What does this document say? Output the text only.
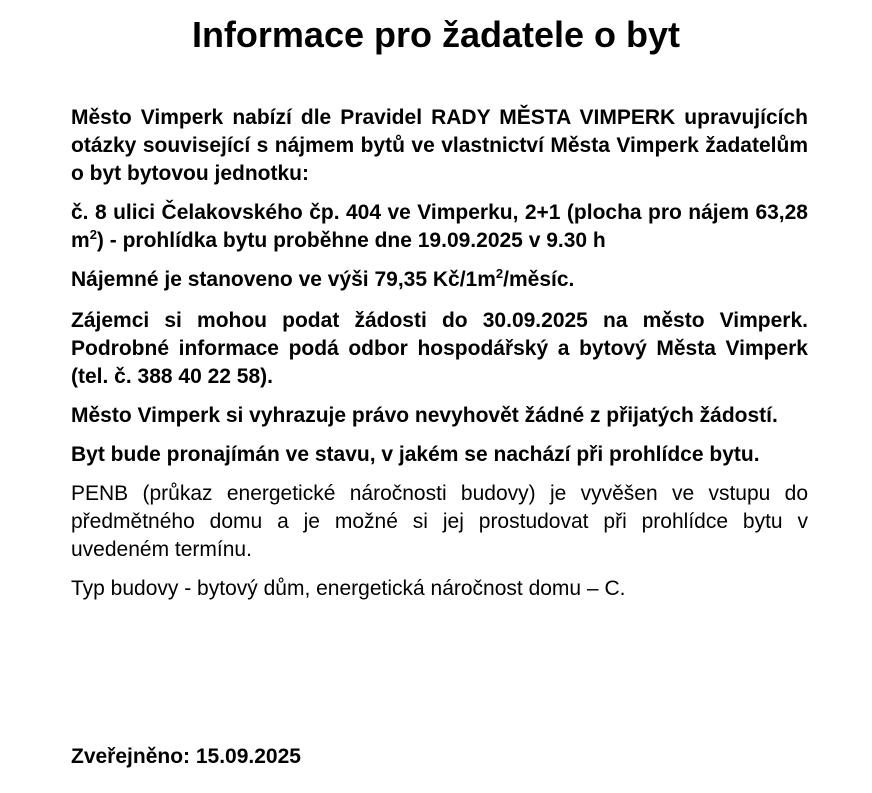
Informace pro žadatele o byt

Město Vimperk nabízí dle Pravidel RADY MĚSTA VIMPERK upravujících otázky související s nájmem bytů ve vlastnictví Města Vimperk žadatelům o byt bytovou jednotku:

č. 8 ulici Čelakovského čp. 404 ve Vimperku, 2+1 (plocha pro nájem 63,28 $m^2$) - prohlídka bytu proběhne dne 19.09.2025 v 9.30 h

Nájemné je stanoveno ve výši 79,35 $Kč/1m^2$/měsíc.

Zájemci si mohou podat žádosti do 30.09.2025 na město Vimperk. Podrobné informace podá odbor hospodářský a bytový Města Vimperk (tel. č. 388 40 22 58).

Město Vimperk si vyhrazuje právo nevyhovět žádné z přijatých žádostí.

Byt bude pronajímán ve stavu, v jakém se nachází při prohlídce bytu.

PENB (průkaz energetické náročnosti budovy) je vyvěšen ve vstupu do předmětného domu a je možné si jej prostudovat při prohlídce bytu v uvedeném termínu.

Typ budovy - bytový dům, energetická náročnost domu – C.

Zveřejněno: 15.09.2025
